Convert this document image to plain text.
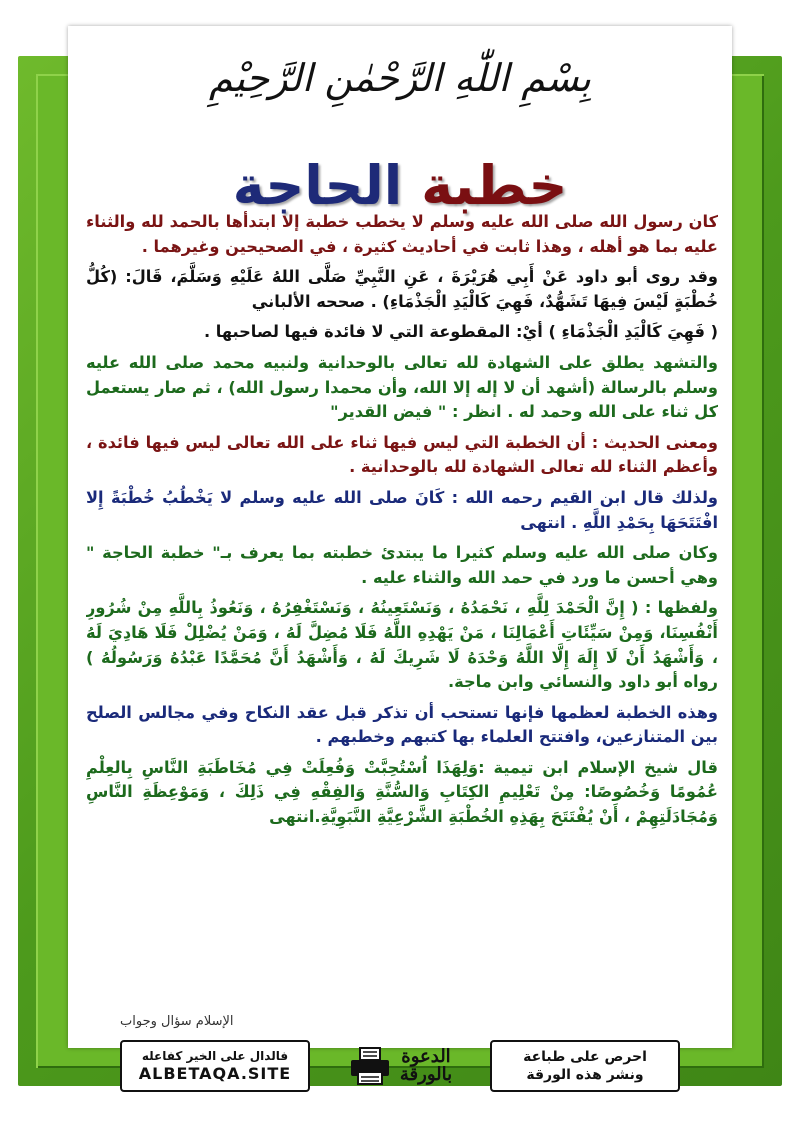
بِسْمِ اللّٰهِ الرَّحْمٰنِ الرَّحِيْمِ
خطبة الحاجة

كان رسول الله صلى الله عليه وسلم لا يخطب خطبة إلا ابتدأها بالحمد لله والثناء عليه بما هو أهله ، وهذا ثابت في أحاديث كثيرة ، في الصحيحين وغيرهما .

وقد روى أبو داود عَنْ أَبِي هُرَيْرَةَ ، عَنِ النَّبِيِّ صَلَّى اللهُ عَلَيْهِ وَسَلَّمَ، قَالَ: (كُلُّ خُطْبَةٍ لَيْسَ فِيهَا تَشَهُّدٌ، فَهِيَ كَالْيَدِ الْجَذْمَاءِ) . صححه الألباني

( فَهِيَ كَالْيَدِ الْجَذْمَاءِ ) أيْ: المقطوعة التي لا فائدة فيها لصاحبها .

والتشهد يطلق على الشهادة لله تعالى بالوحدانية ولنبيه محمد صلى الله عليه وسلم بالرسالة (أشهد أن لا إله إلا الله، وأن محمدا رسول الله) ، ثم صار يستعمل كل ثناء على الله وحمد له . انظر : " فيض القدير"

ومعنى الحديث : أن الخطبة التي ليس فيها ثناء على الله تعالى ليس فيها فائدة ، وأعظم الثناء لله تعالى الشهادة لله بالوحدانية .

ولذلك قال ابن القيم رحمه الله : كَانَ صلى الله عليه وسلم لا يَخْطُبُ خُطْبَةً إِلا افْتَتَحَهَا بِحَمْدِ اللَّهِ . انتهى

وكان صلى الله عليه وسلم كثيرا ما يبتدئ خطبته بما يعرف بـ" خطبة الحاجة " وهي أحسن ما ورد في حمد الله والثناء عليه .

ولفظها : ( إِنَّ الْحَمْدَ لِلَّهِ ، نَحْمَدُهُ ، وَنَسْتَعِينُهُ ، وَنَسْتَغْفِرُهُ ، وَنَعُوذُ بِاللَّهِ مِنْ شُرُورِ أَنْفُسِنَا، وَمِنْ سَيِّئَاتِ أَعْمَالِنَا ، مَنْ يَهْدِهِ اللَّهُ فَلَا مُضِلَّ لَهُ ، وَمَنْ يُضْلِلْ فَلَا هَادِيَ لَهُ ، وَأَشْهَدُ أَنْ لَا إِلَهَ إِلَّا اللَّهُ وَحْدَهُ لَا شَرِيكَ لَهُ ، وَأَشْهَدُ أَنَّ مُحَمَّدًا عَبْدُهُ وَرَسُولُهُ ) رواه أبو داود والنسائي وابن ماجة.

وهذه الخطبة لعظمها فإنها تستحب أن تذكر قبل عقد النكاح وفي مجالس الصلح بين المتنازعين، وافتتح العلماء بها كتبهم وخطبهم .

قال شيخ الإسلام ابن تيمية :وَلِهَذَا اُسْتُحِبَّتْ وَفُعِلَتْ فِي مُخَاطَبَةِ النَّاسِ بِالعِلْمِ عُمُومًا وَخُصُوصًا: مِنْ تَعْلِيمِ الكِتَابِ وَالسُّنَّةِ وَالفِقْهِ فِي ذَلِكَ ، وَمَوْعِظَةِ النَّاسِ وَمُجَادَلَتِهِمْ ، أَنْ يُفْتَتَحَ بِهَذِهِ الخُطْبَةِ الشَّرْعِيَّةِ النَّبَوِيَّةِ.انتهى

الإسلام سؤال وجواب
فالدال على الخير كفاعله
ALBETAQA.SITE
الدعوة
بالورقة
احرص على طباعة
ونشر هذه الورقة
